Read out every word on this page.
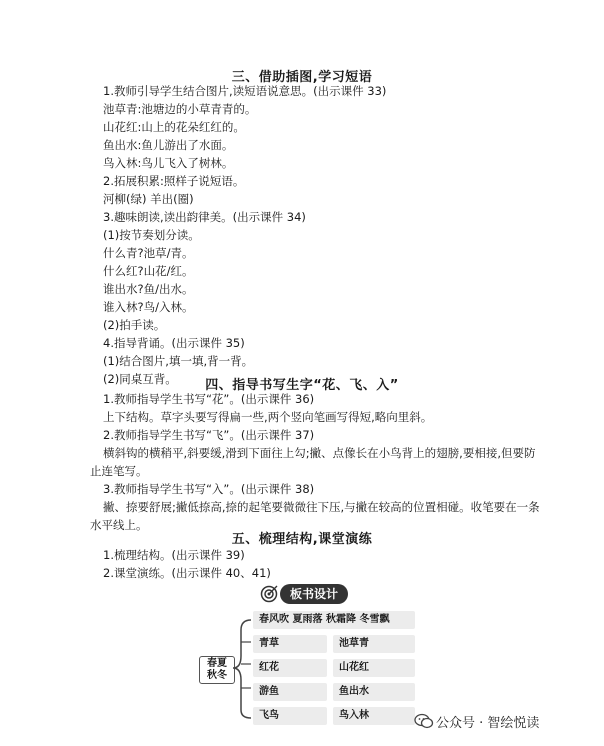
三、借助插图,学习短语
1.教师引导学生结合图片,读短语说意思。(出示课件 33)
池草青:池塘边的小草青青的。
山花红:山上的花朵红红的。
鱼出水:鱼儿游出了水面。
鸟入林:鸟儿飞入了树林。
2.拓展积累:照样子说短语。
河柳(绿) 羊出(圈)
3.趣味朗读,读出韵律美。(出示课件 34)
(1)按节奏划分读。
什么青?池草/青。
什么红?山花/红。
谁出水?鱼/出水。
谁入林?鸟/入林。
(2)拍手读。
4.指导背诵。(出示课件 35)
(1)结合图片,填一填,背一背。
(2)同桌互背。	四、指导书写生字“花、飞、入”
1.教师指导学生书写“花”。(出示课件 36)
上下结构。草字头要写得扁一些,两个竖向笔画写得短,略向里斜。
2.教师指导学生书写“飞”。(出示课件 37)
横斜钩的横稍平,斜要缓,滑到下面往上勾;撇、点像长在小鸟背上的翅膀,要相接,但要防
止连笔写。
3.教师指导学生书写“入”。(出示课件 38)
撇、捺要舒展;撇低捺高,捺的起笔要微微往下压,与撇在较高的位置相碰。收笔要在一条
水平线上。
五、梳理结构,课堂演练
1.梳理结构。(出示课件 39)
2.课堂演练。(出示课件 40、41)
板书设计
春夏秋冬
春风吹 夏雨落 秋霜降 冬雪飘
青草	池草青
红花	山花红
游鱼	鱼出水
飞鸟	鸟入林
公众号 · 智绘悦读
